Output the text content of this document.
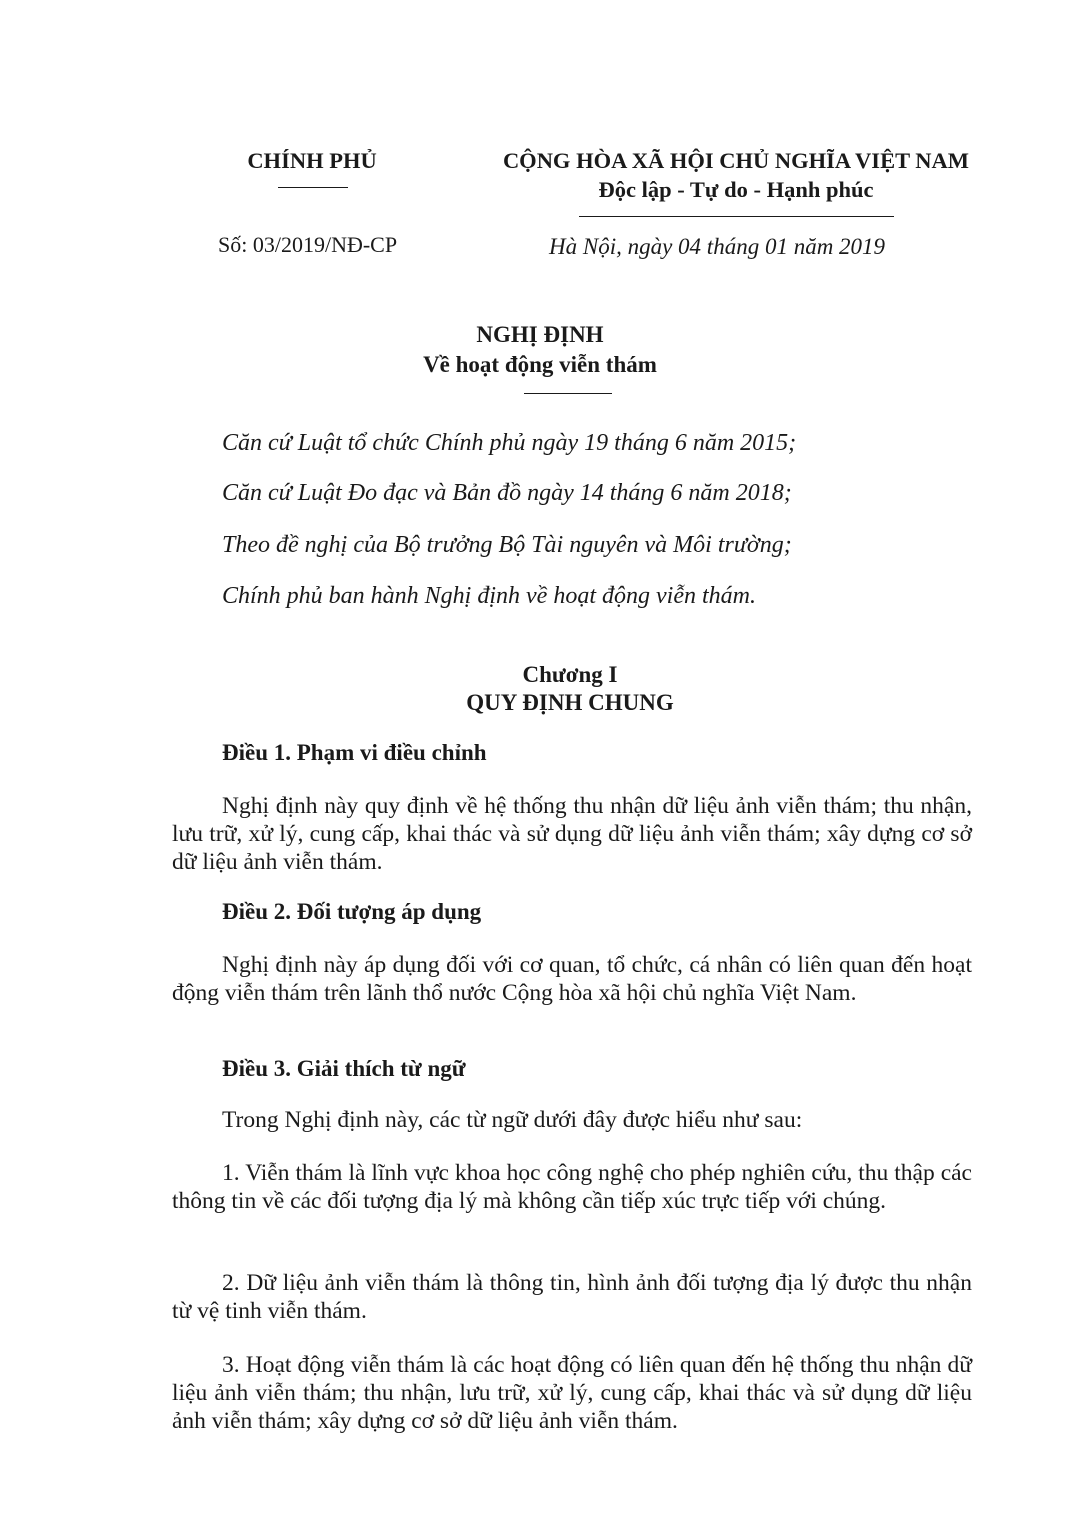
CHÍNH PHỦ	CỘNG HÒA XÃ HỘI CHỦ NGHĨA VIỆT NAM
Độc lập - Tự do - Hạnh phúc
Số: 03/2019/NĐ-CP	Hà Nội, ngày 04 tháng 01 năm 2019
NGHỊ ĐỊNH
Về hoạt động viễn thám
Căn cứ Luật tổ chức Chính phủ ngày 19 tháng 6 năm 2015;
Căn cứ Luật Đo đạc và Bản đồ ngày 14 tháng 6 năm 2018;
Theo đề nghị của Bộ trưởng Bộ Tài nguyên và Môi trường;
Chính phủ ban hành Nghị định về hoạt động viễn thám.
Chương I
QUY ĐỊNH CHUNG
Điều 1. Phạm vi điều chỉnh
Nghị định này quy định về hệ thống thu nhận dữ liệu ảnh viễn thám; thu nhận, lưu trữ, xử lý, cung cấp, khai thác và sử dụng dữ liệu ảnh viễn thám; xây dựng cơ sở dữ liệu ảnh viễn thám.
Điều 2. Đối tượng áp dụng
Nghị định này áp dụng đối với cơ quan, tổ chức, cá nhân có liên quan đến hoạt động viễn thám trên lãnh thổ nước Cộng hòa xã hội chủ nghĩa Việt Nam.
Điều 3. Giải thích từ ngữ
Trong Nghị định này, các từ ngữ dưới đây được hiểu như sau:
1. Viễn thám là lĩnh vực khoa học công nghệ cho phép nghiên cứu, thu thập các thông tin về các đối tượng địa lý mà không cần tiếp xúc trực tiếp với chúng.
2. Dữ liệu ảnh viễn thám là thông tin, hình ảnh đối tượng địa lý được thu nhận từ vệ tinh viễn thám.
3. Hoạt động viễn thám là các hoạt động có liên quan đến hệ thống thu nhận dữ liệu ảnh viễn thám; thu nhận, lưu trữ, xử lý, cung cấp, khai thác và sử dụng dữ liệu ảnh viễn thám; xây dựng cơ sở dữ liệu ảnh viễn thám.
